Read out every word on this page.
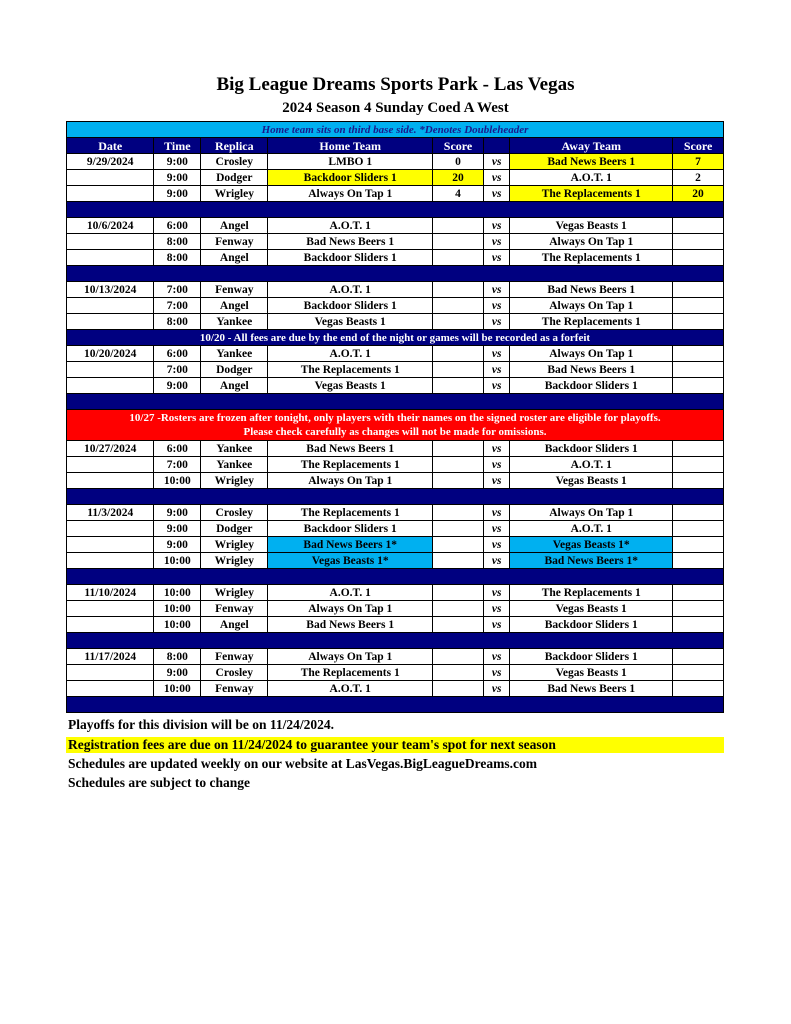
Big League Dreams Sports Park - Las Vegas
2024 Season 4 Sunday Coed A West
Home team sits on third base side. *Denotes Doubleheader							
Date	Time	Replica	Home Team	Score		Away Team	Score
9/29/2024	9:00	Crosley	LMBO 1	0	vs	Bad News Beers 1	7
	9:00	Dodger	Backdoor Sliders 1	20	vs	A.O.T. 1	2
	9:00	Wrigley	Always On Tap 1	4	vs	The Replacements 1	20

10/6/2024	6:00	Angel	A.O.T. 1		vs	Vegas Beasts 1	
	8:00	Fenway	Bad News Beers 1		vs	Always On Tap 1	
	8:00	Angel	Backdoor Sliders 1		vs	The Replacements 1	

10/13/2024	7:00	Fenway	A.O.T. 1		vs	Bad News Beers 1	
	7:00	Angel	Backdoor Sliders 1		vs	Always On Tap 1	
	8:00	Yankee	Vegas Beasts 1		vs	The Replacements 1	
10/20 - All fees are due by the end of the night or games will be recorded as a forfeit							
10/20/2024	6:00	Yankee	A.O.T. 1		vs	Always On Tap 1	
	7:00	Dodger	The Replacements 1		vs	Bad News Beers 1	
	9:00	Angel	Vegas Beasts 1		vs	Backdoor Sliders 1	

10/27 -Rosters are frozen after tonight, only players with their names on the signed roster are eligible for playoffs.
Please check carefully as changes will not be made for omissions.							

10/27/2024	6:00	Yankee	Bad News Beers 1		vs	Backdoor Sliders 1	
	7:00	Yankee	The Replacements 1		vs	A.O.T. 1	
	10:00	Wrigley	Always On Tap 1		vs	Vegas Beasts 1	

11/3/2024	9:00	Crosley	The Replacements 1		vs	Always On Tap 1	
	9:00	Dodger	Backdoor Sliders 1		vs	A.O.T. 1	
	9:00	Wrigley	Bad News Beers 1*		vs	Vegas Beasts 1*	
	10:00	Wrigley	Vegas Beasts 1*		vs	Bad News Beers 1*	

11/10/2024	10:00	Wrigley	A.O.T. 1		vs	The Replacements 1	
	10:00	Fenway	Always On Tap 1		vs	Vegas Beasts 1	
	10:00	Angel	Bad News Beers 1		vs	Backdoor Sliders 1	

11/17/2024	8:00	Fenway	Always On Tap 1		vs	Backdoor Sliders 1	
	9:00	Crosley	The Replacements 1		vs	Vegas Beasts 1	
	10:00	Fenway	A.O.T. 1		vs	Bad News Beers 1	

Playoffs for this division will be on 11/24/2024.
Registration fees are due on 11/24/2024 to guarantee your team's spot for next season
Schedules are updated weekly on our website at LasVegas.BigLeagueDreams.com
Schedules are subject to change
